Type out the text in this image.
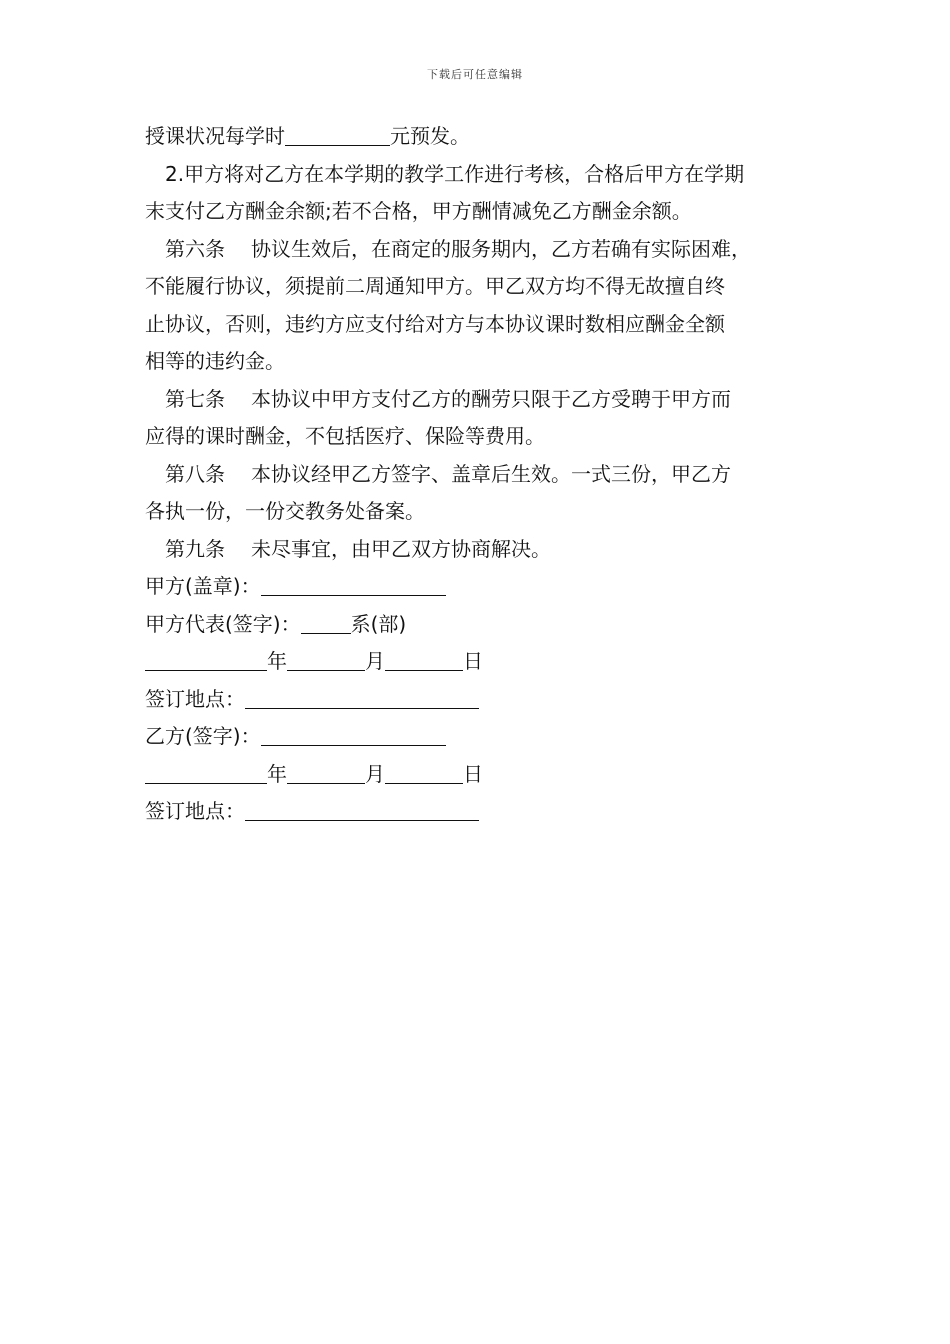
下载后可任意编辑

授课状况每学时	元预发。

2.甲方将对乙方在本学期的教学工作进行考核，合格后甲方在学期

末支付乙方酬金余额;若不合格，甲方酬情减免乙方酬金余额。

第六条 协议生效后，在商定的服务期内，乙方若确有实际困难，

不能履行协议，须提前二周通知甲方。甲乙双方均不得无故擅自终

止协议，否则，违约方应支付给对方与本协议课时数相应酬金全额

相等的违约金。

第七条 本协议中甲方支付乙方的酬劳只限于乙方受聘于甲方而

应得的课时酬金，不包括医疗、保险等费用。

第八条 本协议经甲乙方签字、盖章后生效。一式三份，甲乙方

各执一份，一份交教务处备案。

第九条 未尽事宜，由甲乙双方协商解决。

甲方(盖章)：

甲方代表(签字)：	系(部)

年	月	日

签订地点：

乙方(签字)：

年	月	日

签订地点：
